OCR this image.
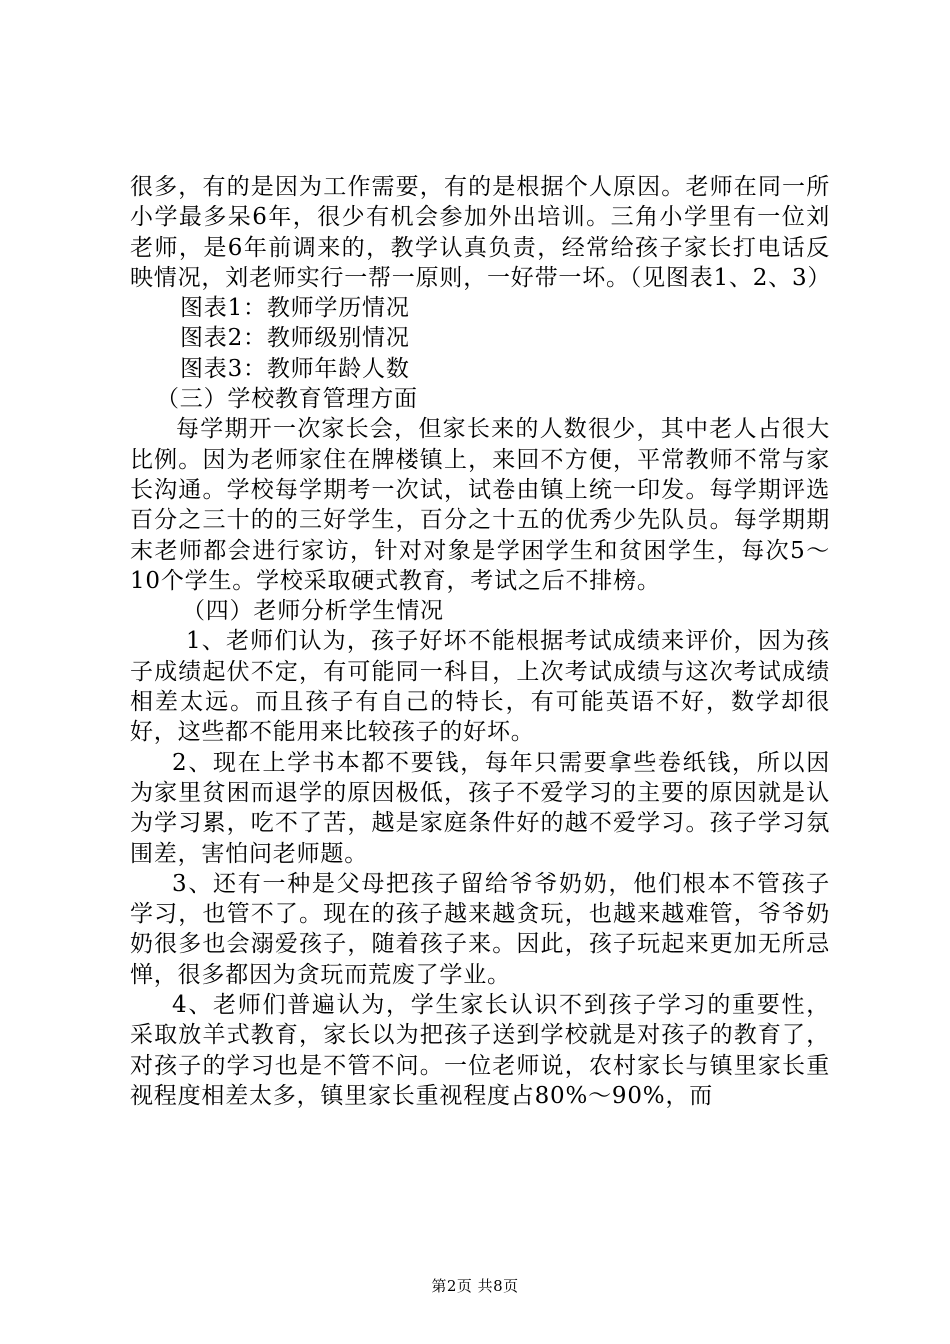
很多，有的是因为工作需要，有的是根据个人原因。老师在同一所小学最多呆6年，很少有机会参加外出培训。三角小学里有一位刘老师，是6年前调来的，教学认真负责，经常给孩子家长打电话反映情况，刘老师实行一帮一原则，一好带一坏。（见图表1、2、3）

图表1：教师学历情况

图表2：教师级别情况

图表3：教师年龄人数

（三）学校教育管理方面

每学期开一次家长会，但家长来的人数很少，其中老人占很大比例。因为老师家住在牌楼镇上，来回不方便，平常教师不常与家长沟通。学校每学期考一次试，试卷由镇上统一印发。每学期评选百分之三十的的三好学生，百分之十五的优秀少先队员。每学期期末老师都会进行家访，针对对象是学困学生和贫困学生，每次5～10个学生。学校采取硬式教育，考试之后不排榜。

（四）老师分析学生情况

1、老师们认为，孩子好坏不能根据考试成绩来评价，因为孩子成绩起伏不定，有可能同一科目，上次考试成绩与这次考试成绩相差太远。而且孩子有自己的特长，有可能英语不好，数学却很好，这些都不能用来比较孩子的好坏。

2、现在上学书本都不要钱，每年只需要拿些卷纸钱，所以因为家里贫困而退学的原因极低，孩子不爱学习的主要的原因就是认为学习累，吃不了苦，越是家庭条件好的越不爱学习。孩子学习氛围差，害怕问老师题。

3、还有一种是父母把孩子留给爷爷奶奶，他们根本不管孩子学习，也管不了。现在的孩子越来越贪玩，也越来越难管，爷爷奶奶很多也会溺爱孩子，随着孩子来。因此，孩子玩起来更加无所忌惮，很多都因为贪玩而荒废了学业。

4、老师们普遍认为，学生家长认识不到孩子学习的重要性，采取放羊式教育，家长以为把孩子送到学校就是对孩子的教育了，对孩子的学习也是不管不问。一位老师说，农村家长与镇里家长重视程度相差太多，镇里家长重视程度占80%～90%，而

第2页 共8页
